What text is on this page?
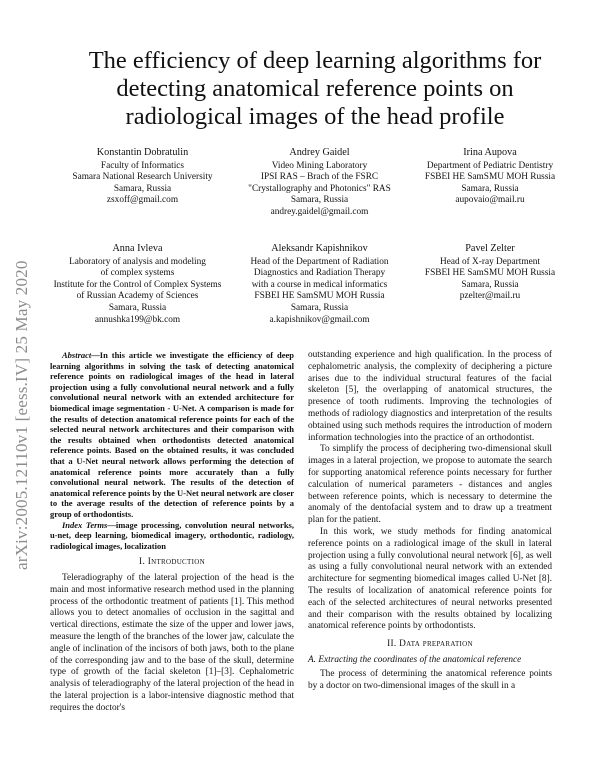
arXiv:2005.12110v1 [eess.IV] 25 May 2020
The efficiency of deep learning algorithms for
detecting anatomical reference points on
radiological images of the head profile
Konstantin Dobratulin
Faculty of Informatics
Samara National Research University
Samara, Russia
zsxoff@gmail.com
Andrey Gaidel
Video Mining Laboratory
IPSI RAS – Brach of the FSRC
"Crystallography and Photonics" RAS
Samara, Russia
andrey.gaidel@gmail.com
Irina Aupova
Department of Pediatric Dentistry
FSBEI HE SamSMU MOH Russia
Samara, Russia
aupovaio@mail.ru
Anna Ivleva
Laboratory of analysis and modeling
of complex systems
Institute for the Control of Complex Systems
of Russian Academy of Sciences
Samara, Russia
annushka199@bk.com
Aleksandr Kapishnikov
Head of the Department of Radiation
Diagnostics and Radiation Therapy
with a course in medical informatics
FSBEI HE SamSMU MOH Russia
Samara, Russia
a.kapishnikov@gmail.com
Pavel Zelter
Head of X-ray Department
FSBEI HE SamSMU MOH Russia
Samara, Russia
pzelter@mail.ru

Abstract—In this article we investigate the efficiency of deep learning algorithms in solving the task of detecting anatomical reference points on radiological images of the head in lateral projection using a fully convolutional neural network and a fully convolutional neural network with an extended architecture for biomedical image segmentation - U-Net. A comparison is made for the results of detection anatomical reference points for each of the selected neural network architectures and their comparison with the results obtained when orthodontists detected anatomical reference points. Based on the obtained results, it was concluded that a U-Net neural network allows performing the detection of anatomical reference points more accurately than a fully convolutional neural network. The results of the detection of anatomical reference points by the U-Net neural network are closer to the average results of the detection of reference points by a group of orthodontists.

Index Terms—image processing, convolution neural networks, u-net, deep learning, biomedical imagery, orthodontic, radiology, radiological images, localization

I. Introduction

Teleradiography of the lateral projection of the head is the main and most informative research method used in the planning process of the orthodontic treatment of patients [1]. This method allows you to detect anomalies of occlusion in the sagittal and vertical directions, estimate the size of the upper and lower jaws, measure the length of the branches of the lower jaw, calculate the angle of inclination of the incisors of both jaws, both to the plane of the corresponding jaw and to the base of the skull, determine type of growth of the facial skeleton [1]–[3]. Cephalometric analysis of teleradiography of the lateral projection of the head in the lateral projection is a labor-intensive diagnostic method that requires the doctor's

outstanding experience and high qualification. In the process of cephalometric analysis, the complexity of deciphering a picture arises due to the individual structural features of the facial skeleton [5], the overlapping of anatomical structures, the presence of tooth rudiments. Improving the technologies of methods of radiology diagnostics and interpretation of the results obtained using such methods requires the introduction of modern information technologies into the practice of an orthodontist.

To simplify the process of deciphering two-dimensional skull images in a lateral projection, we propose to automate the search for supporting anatomical reference points necessary for further calculation of numerical parameters - distances and angles between reference points, which is necessary to determine the anomaly of the dentofacial system and to draw up a treatment plan for the patient.

In this work, we study methods for finding anatomical reference points on a radiological image of the skull in lateral projection using a fully convolutional neural network [6], as well as using a fully convolutional neural network with an extended architecture for segmenting biomedical images called U-Net [8]. The results of localization of anatomical reference points for each of the selected architectures of neural networks presented and their comparison with the results obtained by localizing anatomical reference points by orthodontists.

II. Data preparation
A. Extracting the coordinates of the anatomical reference

The process of determining the anatomical reference points by a doctor on two-dimensional images of the skull in a
